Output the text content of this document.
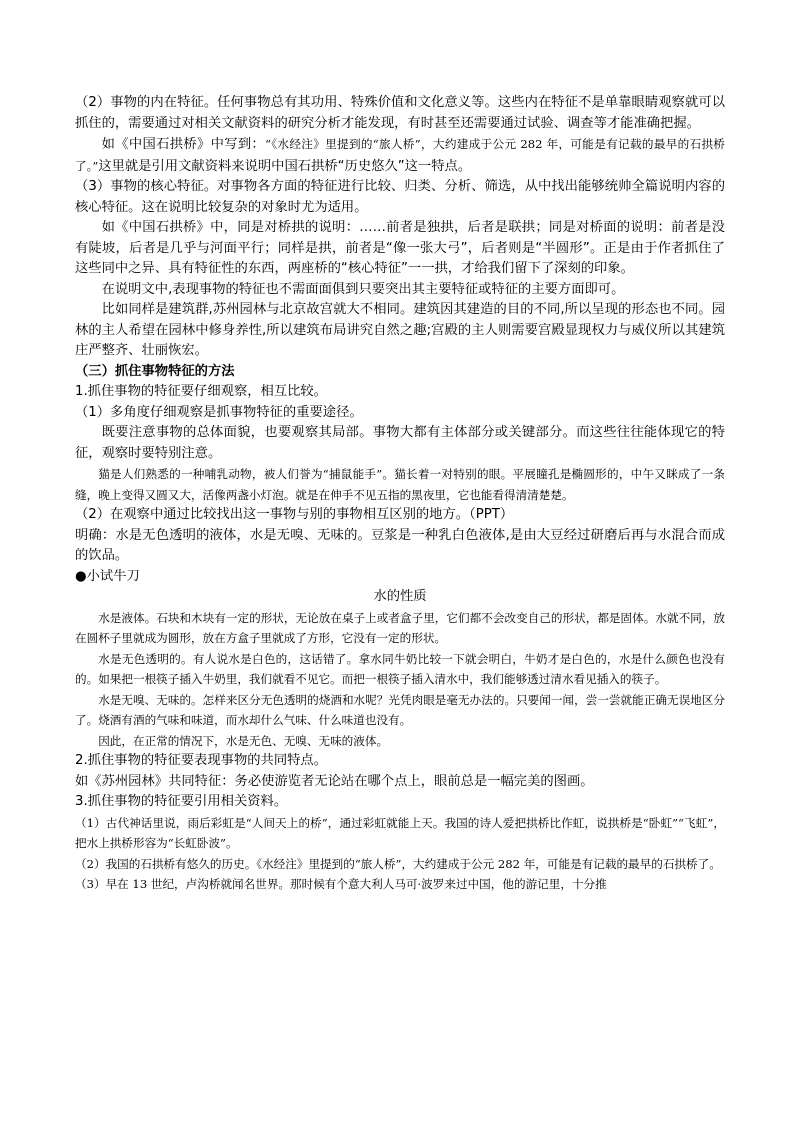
（2）事物的内在特征。任何事物总有其功用、特殊价值和文化意义等。这些内在特征不是单靠眼睛观察就可以抓住的，需要通过对相关文献资料的研究分析才能发现，有时甚至还需要通过试验、调查等才能准确把握。

如《中国石拱桥》中写到：“《水经注》里提到的“旅人桥”，大约建成于公元 282 年，可能是有记载的最早的石拱桥了。”这里就是引用文献资料来说明中国石拱桥“历史悠久”这一特点。

（3）事物的核心特征。对事物各方面的特征进行比较、归类、分析、筛选，从中找出能够统帅全篇说明内容的核心特征。这在说明比较复杂的对象时尤为适用。

如《中国石拱桥》中，同是对桥拱的说明：……前者是独拱，后者是联拱；同是对桥面的说明：前者是没有陡坡，后者是几乎与河面平行；同样是拱，前者是“像一张大弓”，后者则是“半圆形”。正是由于作者抓住了这些同中之异、具有特征性的东西，两座桥的“核心特征”一一拱，才给我们留下了深刻的印象。

在说明文中,表现事物的特征也不需面面俱到只要突出其主要特征或特征的主要方面即可。

比如同样是建筑群,苏州园林与北京故宫就大不相同。建筑因其建造的目的不同,所以呈现的形态也不同。园林的主人希望在园林中修身养性,所以建筑布局讲究自然之趣;宫殿的主人则需要宫殿显现权力与威仪所以其建筑庄严整齐、壮丽恢宏。

（三）抓住事物特征的方法

1.抓住事物的特征要仔细观察，相互比较。

（1）多角度仔细观察是抓事物特征的重要途径。

既要注意事物的总体面貌，也要观察其局部。事物大都有主体部分或关键部分。而这些往往能体现它的特征，观察时要特别注意。

猫是人们熟悉的一种哺乳动物，被人们誉为“捕鼠能手”。猫长着一对特别的眼。平展瞳孔是椭圆形的，中午又眯成了一条缝，晚上变得又圆又大，活像两盏小灯泡。就是在伸手不见五指的黑夜里，它也能看得清清楚楚。

（2）在观察中通过比较找出这一事物与别的事物相互区别的地方。（PPT）

明确：水是无色透明的液体，水是无嗅、无味的。豆浆是一种乳白色液体,是由大豆经过研磨后再与水混合而成的饮品。

●小试牛刀

水的性质

水是液体。石块和木块有一定的形状，无论放在桌子上或者盒子里，它们都不会改变自己的形状，都是固体。水就不同，放在圆杯子里就成为圆形，放在方盒子里就成了方形，它没有一定的形状。

水是无色透明的。有人说水是白色的，这话错了。拿水同牛奶比较一下就会明白，牛奶才是白色的，水是什么颜色也没有的。如果把一根筷子插入牛奶里，我们就看不见它。而把一根筷子插入清水中，我们能够透过清水看见插入的筷子。

水是无嗅、无味的。怎样来区分无色透明的烧酒和水呢？光凭肉眼是毫无办法的。只要闻一闻，尝一尝就能正确无误地区分了。烧酒有酒的气味和味道，而水却什么气味、什么味道也没有。

因此，在正常的情况下，水是无色、无嗅、无味的液体。

2.抓住事物的特征要表现事物的共同特点。

如《苏州园林》共同特征：务必使游览者无论站在哪个点上，眼前总是一幅完美的图画。

3.抓住事物的特征要引用相关资料。

（1）古代神话里说，雨后彩虹是“人间天上的桥”，通过彩虹就能上天。我国的诗人爱把拱桥比作虹，说拱桥是“卧虹”“飞虹”，把水上拱桥形容为“长虹卧波”。

（2）我国的石拱桥有悠久的历史。《水经注》里提到的“旅人桥”，大约建成于公元 282 年，可能是有记载的最早的石拱桥了。

（3）早在 13 世纪，卢沟桥就闻名世界。那时候有个意大利人马可·波罗来过中国，他的游记里，十分推
